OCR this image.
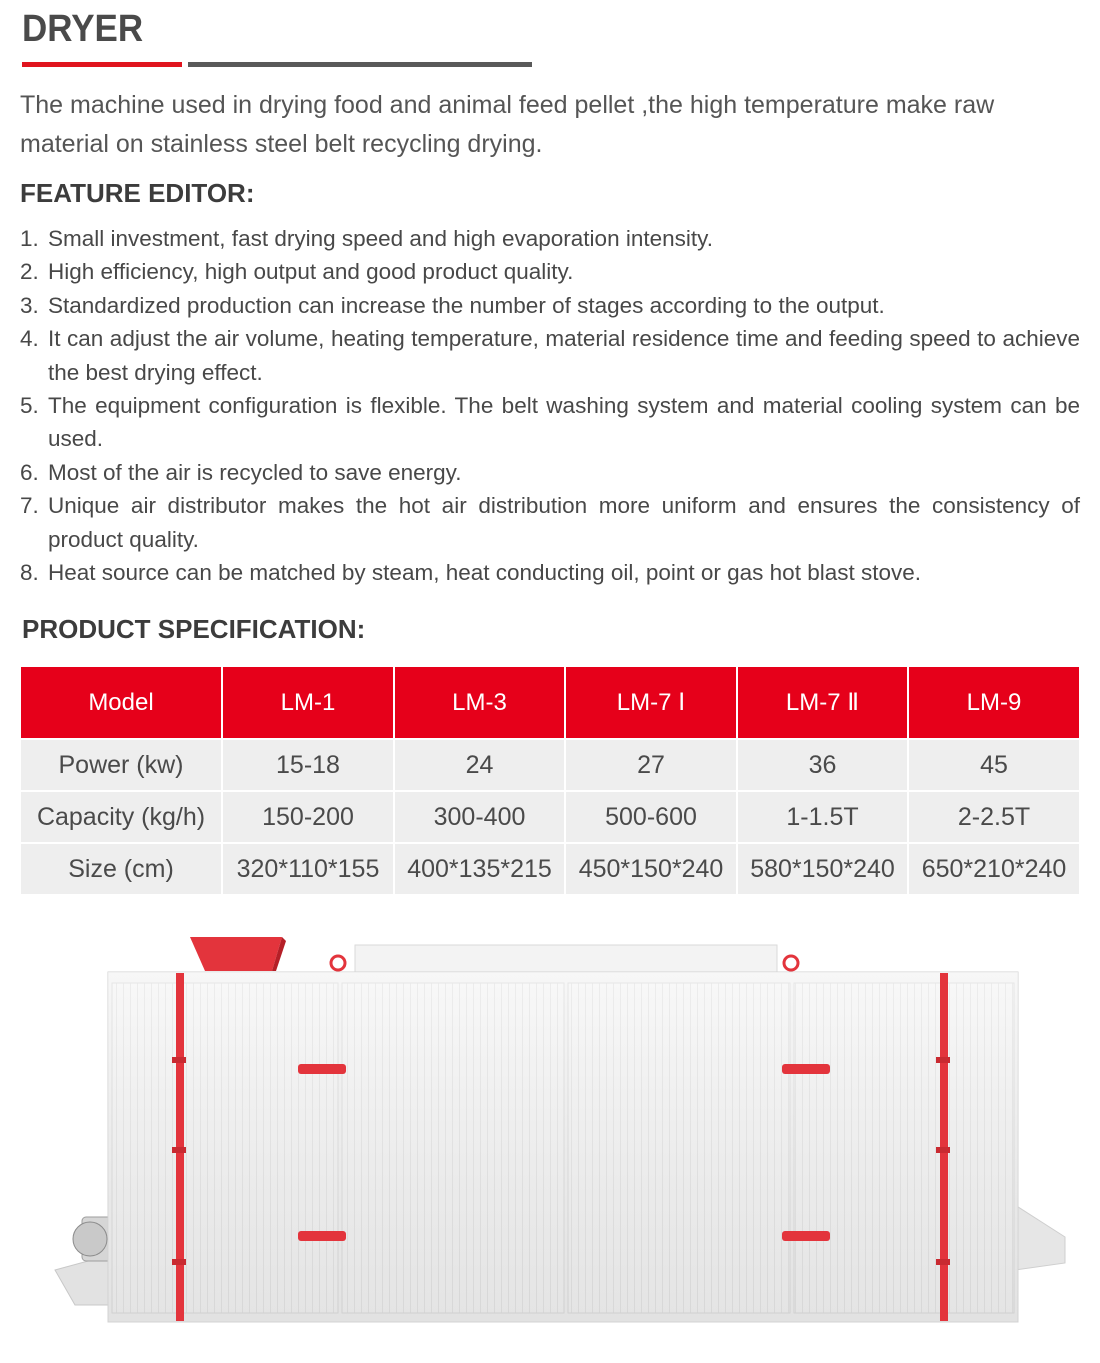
DRYER
The machine used in drying food and animal feed pellet ,the high temperature make raw material on stainless steel belt recycling drying.
FEATURE EDITOR:
1. Small investment, fast drying speed and high evaporation intensity.
2. High efficiency, high output and good product quality.
3. Standardized production can increase the number of stages according to the output.
4. It can adjust the air volume, heating temperature, material residence time and feeding speed to achieve the best drying effect.
5. The equipment configuration is flexible. The belt washing system and material cooling system can be used.
6. Most of the air is recycled to save energy.
7. Unique air distributor makes the hot air distribution more uniform and ensures the consistency of product quality.
8. Heat source can be matched by steam, heat conducting oil, point or gas hot blast stove.
PRODUCT SPECIFICATION:
Model	LM-1	LM-3	LM-7 Ⅰ	LM-7 Ⅱ	LM-9
Power (kw)	15-18	24	27	36	45
Capacity (kg/h)	150-200	300-400	500-600	1-1.5T	2-2.5T
Size (cm)	320*110*155	400*135*215	450*150*240	580*150*240	650*210*240
